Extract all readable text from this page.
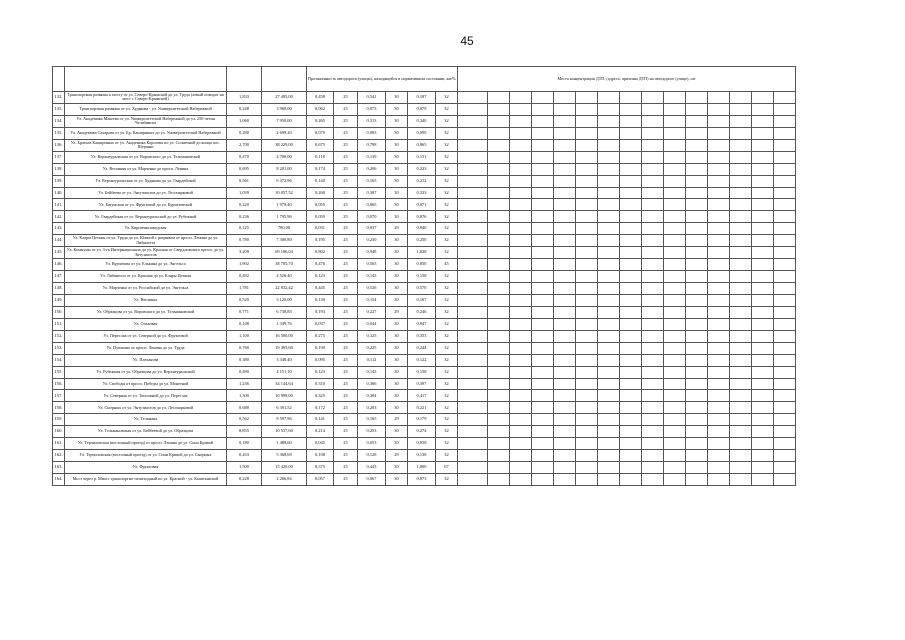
45
				Протяженность автодороги (улицы), находящейся в нормативном состоянии, км/%						Места концентрации ДТП, (адреса, причины ДТП) на автодороге (улице), шт														
132.	Транспортная развязка к мосту от ул. Северо-Крымской до ул. Труда (левый поворот на мост с Северо-Крымской)	1,833	27 495,00	0,458	25	0,541	30	0,187	32															
133.	Транспортная развязка от ул. Худякова - ул. Университетской Набережной	0,248	3 968,00	0,062	25	0,073	30	0,079	32															
134.	Ул. Академика Макеева от ул. Университетской Набережной до ул. 250-летия Челябинска	1,060	7 950,00	0,265	25	0,313	30	0,340	32															
135.	Ул. Академика Сахарова от ул. Бр. Кашириных до ул. Университетской Набережной	0,280	2 699,20	0,070	25	0,083	30	0,090	32															
136.	Ул. Братьев Кашириных от ул. Академика Королева по ул. Солнечной до конца пос. Шершни	2,700	38 229,00	0,675	25	0,798	30	0,865	32															
137.	Ул. Верхнеуральская от ул. Воровского до ул. Тельмановской	0,470	4 700,00	0,118	25	0,139	30	0,151	32															
138.	Ул. Весенняя от ул. Марченко до просп. Ленина	0,695	8 201,00	0,174	25	0,206	30	0,223	32															
139.	Ул. Верхнеуральская от ул. Худякова до ул. Гвардейской	0,561	6 372,96	0,140	25	0,165	30	0,212	32															
140.	Ул. Бейбеева от ул. Энтузиастов до ул. Лесопарковой	1,039	10 057,52	0,260	25	0,307	30	0,333	32															
141.	Ул. Батумская от ул. Фруктовой до ул. Курчатовской	0,220	1 979,40	0,055	25	0,065	30	0,071	32															
142.	Ул. Гвардейская от ул. Верхнеуральской до ул. Рубежной	0,236	1 795,96	0,059	25	0,070	30	0,076	32															
143.	Ул. Кирпичнозаводская	0,125	780,00	0,031	25	0,037	29	0,040	32															
144.	Ул. Клары Цеткин от ул. Труда до ул. Южной с разрывом от просп. Ленина до ул. Либкнехта	0,780	7 300,80	0,195	25	0,230	30	0,250	32															
145.	Ул. Коммуны от ул. 3-го Интернационала до ул. Красная от Свердловского просп. до ул. Энтузиастов	3,209	69 186,04	0,802	25	0,948	30	1,028	32															
146.	Ул. Курчатова от ул. Елькина до ул. Энгельса	1,902	38 705,70	0,476	25	0,563	30	0,850	45															
147.	Ул. Либкнехта от ул. Красная до ул. Клары Цеткин	0,492	4 526,40	0,123	25	0,145	30	0,158	32															
148.	Ул. Марченко от ул. Российской до ул. Энгельса	1,781	22 832,42	0,445	25	0,526	30	0,570	32															
149.	Ул. Неглинка	0,520	3 120,00	0,130	25	0,154	30	0,167	32															
150.	Ул. Образцова от ул. Воровского до ул. Тельмановской	0,771	6 730,83	0,193	25	0,227	29	0,246	32															
151.	Ул. Ольховая	0,148	1 349,76	0,037	25	0,044	30	0,047	32															
152.	Ул. Переслаа от ул. Северной до ул. Фруктовой	1,100	16 500,00	0,275	25	0,325	30	0,353	32															
153.	Ул. Пушкина от просп. Ленина до ул. Труда	0,760	19 495,60	0,190	25	0,225	30	0,244	32															
154.	Ул. Плеханова	0,380	3 348,40	0,095	25	0,112	30	0,122	32															
155.	Ул. Рубежная от ул. Образцова до ул. Верхнеуральской	0,490	4 151,10	0,123	25	0,145	30	0,158	32															
156.	Ул. Свободы от просп. Победы до ул. Монетной	1,236	34 144,64	0,310	25	0,366	30	0,397	32															
157.	Ул. Северная от ул. Тополиной до ул. Переслаа	1,300	10 998,00	0,325	25	0,384	30	0,417	32															
158.	Ул. Сыерных от ул. Энтузиастов до ул. Лесопарковой	0,688	6 391,52	0,172	25	0,203	30	0,221	32															
159.	Ул. Тельмана	0,562	8 597,96	0,141	25	0,165	29	0,179	32															
160.	Ул. Тельмановская от ул. Бейбеевой до ул. Образцова	0,855	10 557,60	0,214	25	0,253	30	0,274	32															
161.	Ул. Терчиловская (восточный проезд) от просп. Ленина до ул. Сони Кривой	0,180	1 488,60	0,045	25	0,053	30	0,058	32															
162.	Ул. Терчиловская (восточный проезд) от ул. Сони Кривой до ул. Сыерных	0,433	5 368,69	0,108	25	0,128	29	0,138	32															
163.	Ул. Фруктовая	1,500	15 420,00	0,375	25	0,443	30	1,000	67															
164.	Мост через р. Миасс транспортно-пешеходный по ул. Красной - ул. Кыштымской	0,228	2 286,84	0,057	25	0,067	30	0,073	32															
